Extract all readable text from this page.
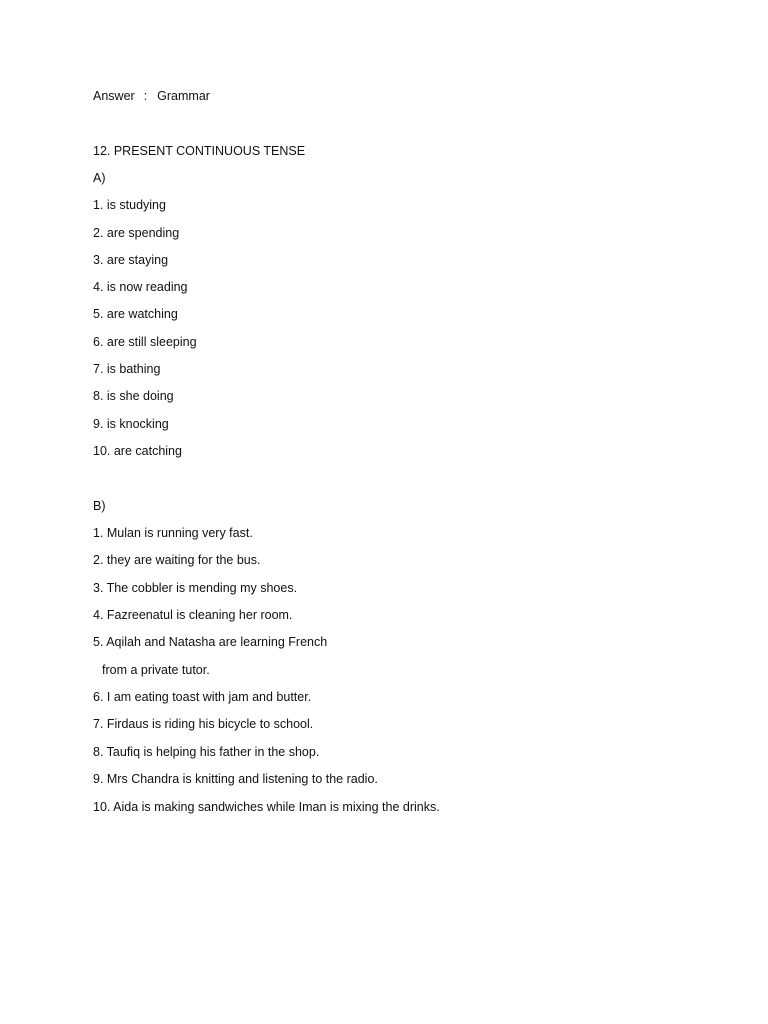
Answer : Grammar
12. PRESENT CONTINUOUS TENSE
A)
1. is studying
2. are spending
3. are staying
4. is now reading
5. are watching
6. are still sleeping
7. is bathing
8. is she doing
9. is knocking
10. are catching
B)
1. Mulan is running very fast.
2. they are waiting for the bus.
3. The cobbler is mending my shoes.
4. Fazreenatul is cleaning her room.
5. Aqilah and Natasha are learning French
from a private tutor.
6. I am eating toast with jam and butter.
7. Firdaus is riding his bicycle to school.
8. Taufiq is helping his father in the shop.
9. Mrs Chandra is knitting and listening to the radio.
10. Aida is making sandwiches while Iman is mixing the drinks.
